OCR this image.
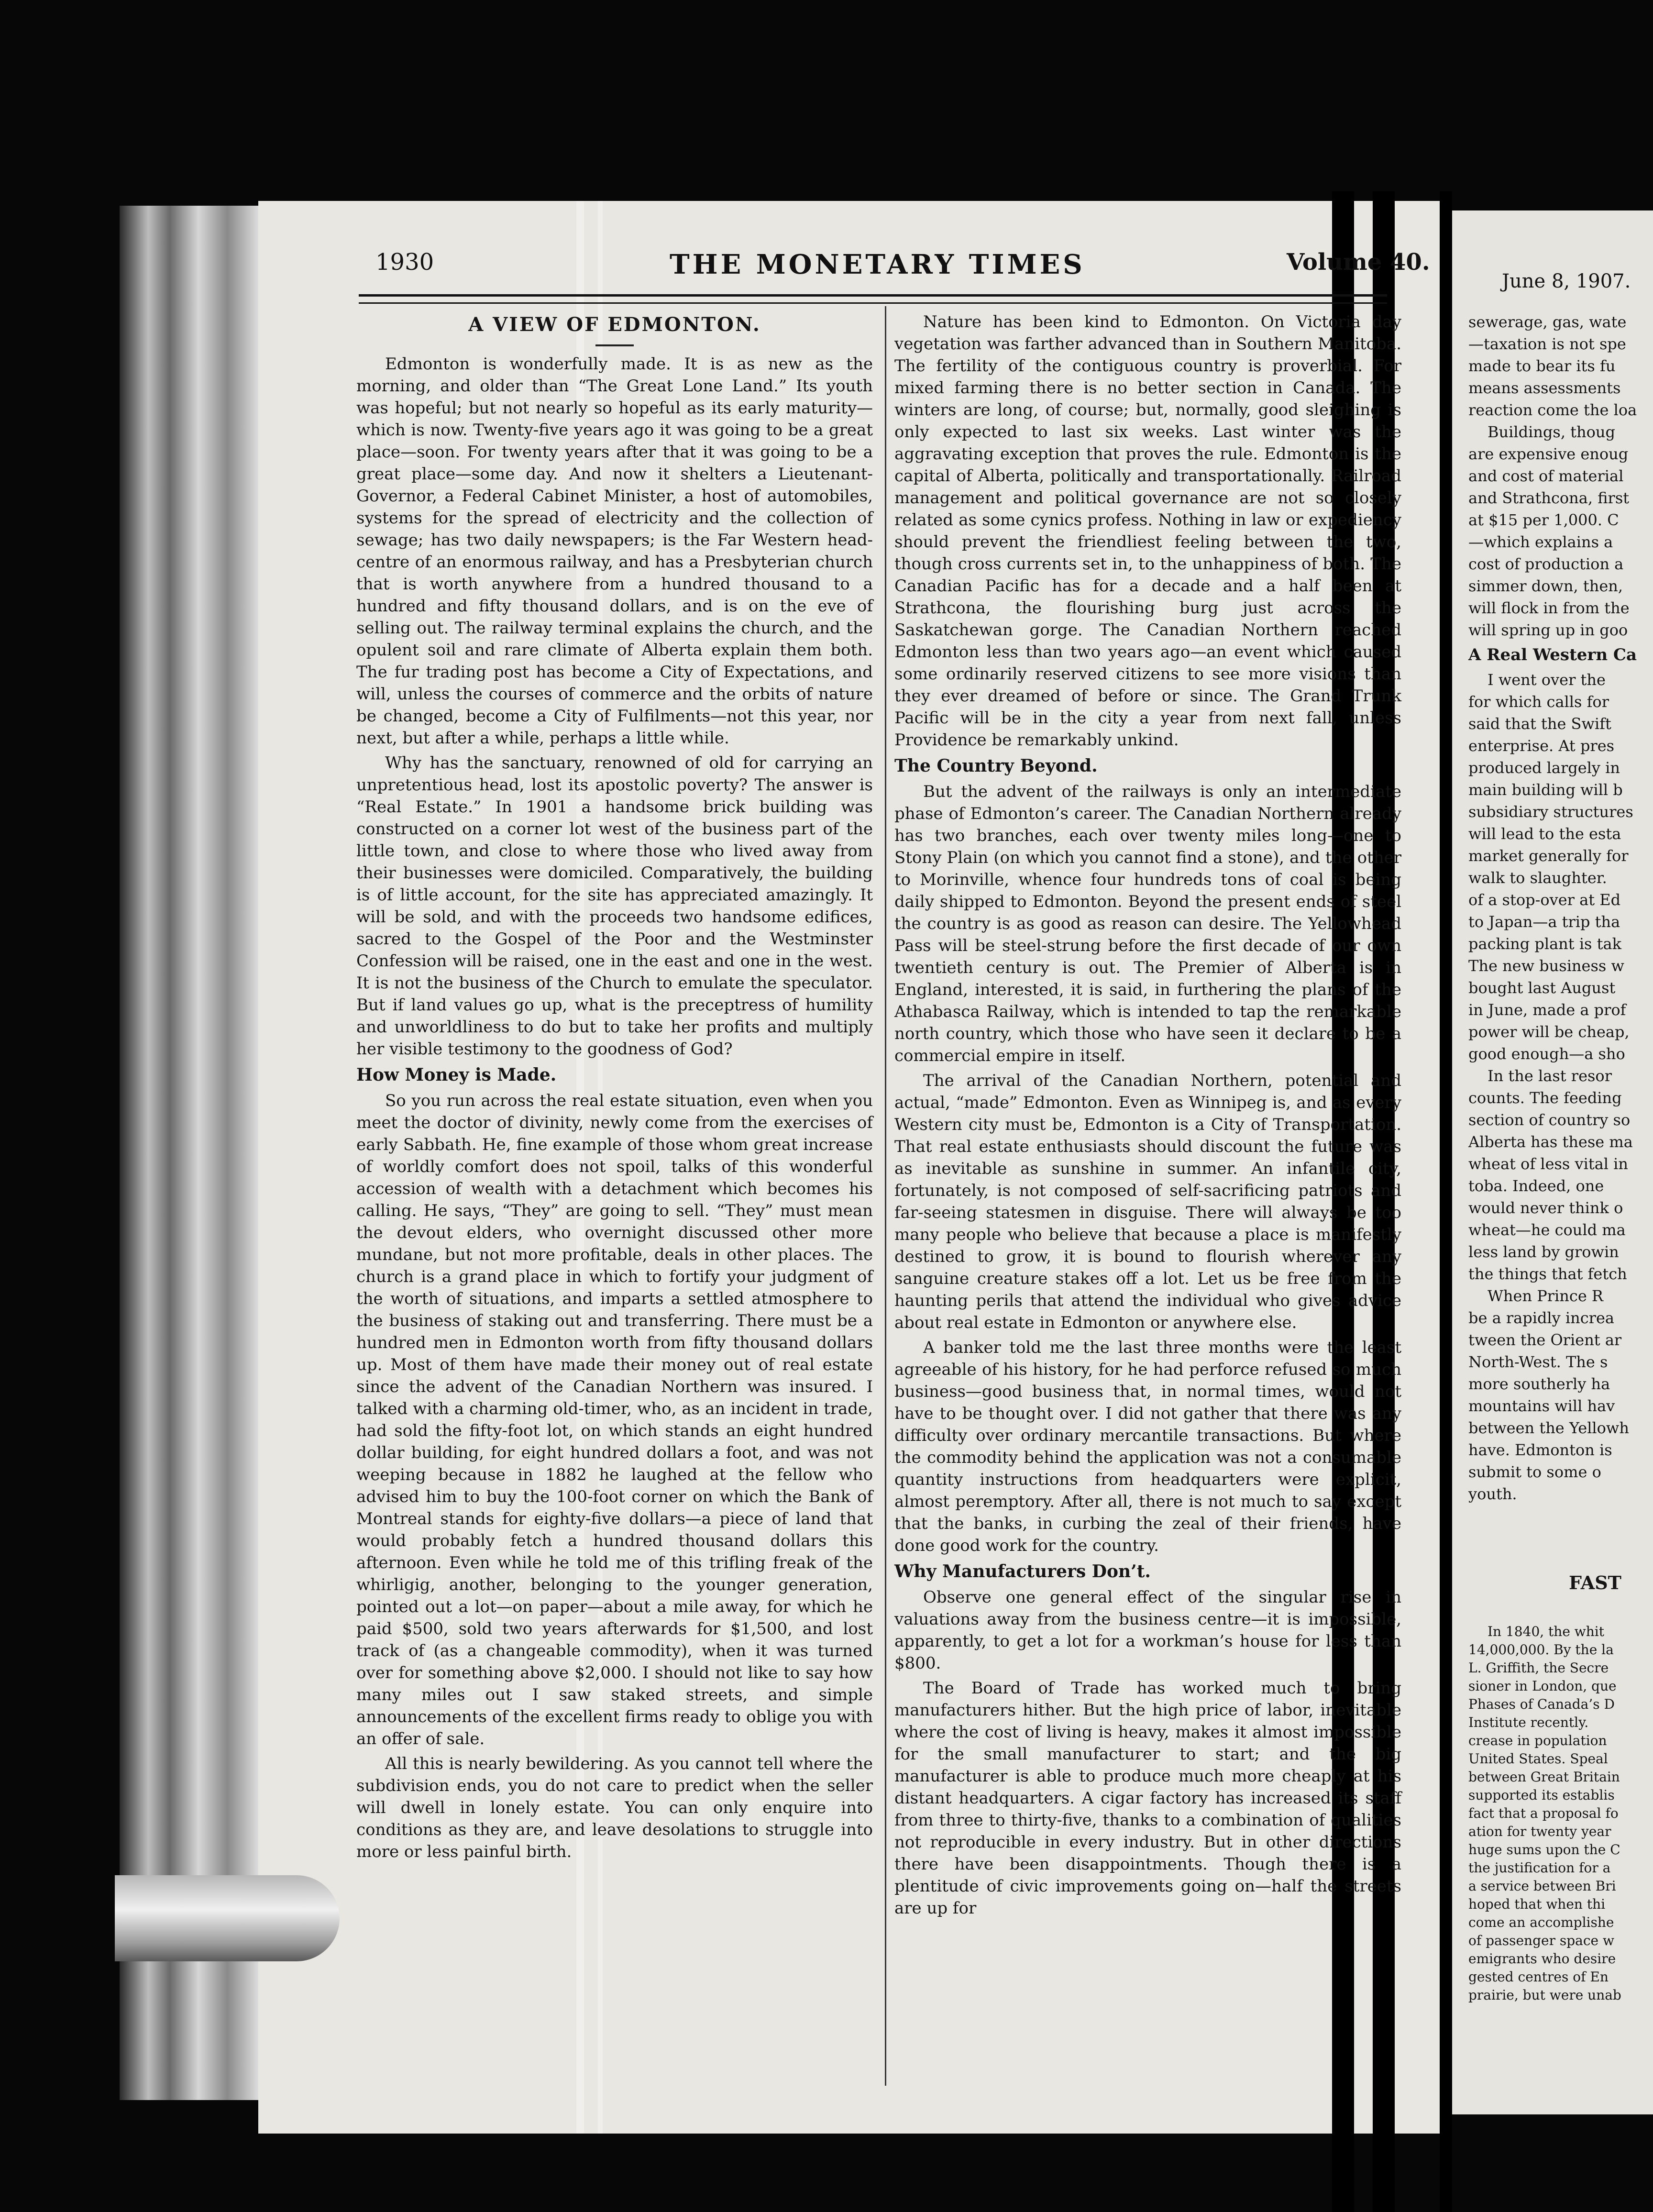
1930	THE MONETARY TIMES	Volume 40.
June 8, 1907.
A VIEW OF EDMONTON.

Edmonton is wonderfully made. It is as new as the morning, and older than “The Great Lone Land.” Its youth was hopeful; but not nearly so hopeful as its early maturity—which is now. Twenty-five years ago it was going to be a great place—soon. For twenty years after that it was going to be a great place—some day. And now it shelters a Lieutenant-Governor, a Federal Cabinet Minister, a host of automobiles, systems for the spread of electricity and the collection of sewage; has two daily newspapers; is the Far Western head-centre of an enormous railway, and has a Presbyterian church that is worth anywhere from a hundred thousand to a hundred and fifty thousand dollars, and is on the eve of selling out. The railway terminal explains the church, and the opulent soil and rare climate of Alberta explain them both. The fur trading post has become a City of Expectations, and will, unless the courses of commerce and the orbits of nature be changed, become a City of Fulfilments—not this year, nor next, but after a while, perhaps a little while.

Why has the sanctuary, renowned of old for carrying an unpretentious head, lost its apostolic poverty? The answer is “Real Estate.” In 1901 a handsome brick building was constructed on a corner lot west of the business part of the little town, and close to where those who lived away from their businesses were domiciled. Comparatively, the building is of little account, for the site has appreciated amazingly. It will be sold, and with the proceeds two handsome edifices, sacred to the Gospel of the Poor and the Westminster Confession will be raised, one in the east and one in the west. It is not the business of the Church to emulate the speculator. But if land values go up, what is the preceptress of humility and unworldliness to do but to take her profits and multiply her visible testimony to the goodness of God?

How Money is Made.

So you run across the real estate situation, even when you meet the doctor of divinity, newly come from the exercises of early Sabbath. He, fine example of those whom great increase of worldly comfort does not spoil, talks of this wonderful accession of wealth with a detachment which becomes his calling. He says, “They” are going to sell. “They” must mean the devout elders, who overnight discussed other more mundane, but not more profitable, deals in other places. The church is a grand place in which to fortify your judgment of the worth of situations, and imparts a settled atmosphere to the business of staking out and transferring. There must be a hundred men in Edmonton worth from fifty thousand dollars up. Most of them have made their money out of real estate since the advent of the Canadian Northern was insured. I talked with a charming old-timer, who, as an incident in trade, had sold the fifty-foot lot, on which stands an eight hundred dollar building, for eight hundred dollars a foot, and was not weeping because in 1882 he laughed at the fellow who advised him to buy the 100-foot corner on which the Bank of Montreal stands for eighty-five dollars—a piece of land that would probably fetch a hundred thousand dollars this afternoon. Even while he told me of this trifling freak of the whirligig, another, belonging to the younger generation, pointed out a lot—on paper—about a mile away, for which he paid $500, sold two years afterwards for $1,500, and lost track of (as a changeable commodity), when it was turned over for something above $2,000. I should not like to say how many miles out I saw staked streets, and simple announcements of the excellent firms ready to oblige you with an offer of sale.

All this is nearly bewildering. As you cannot tell where the subdivision ends, you do not care to predict when the seller will dwell in lonely estate. You can only enquire into conditions as they are, and leave desolations to struggle into more or less painful birth.

Nature has been kind to Edmonton. On Victoria day vegetation was farther advanced than in Southern Manitoba. The fertility of the contiguous country is proverbial. For mixed farming there is no better section in Canada. The winters are long, of course; but, normally, good sleighing is only expected to last six weeks. Last winter was the aggravating exception that proves the rule. Edmonton is the capital of Alberta, politically and transportationally. Railroad management and political governance are not so closely related as some cynics profess. Nothing in law or expediency should prevent the friendliest feeling between the two, though cross currents set in, to the unhappiness of both. The Canadian Pacific has for a decade and a half been at Strathcona, the flourishing burg just across the Saskatchewan gorge. The Canadian Northern reached Edmonton less than two years ago—an event which caused some ordinarily reserved citizens to see more visions than they ever dreamed of before or since. The Grand Trunk Pacific will be in the city a year from next fall, unless Providence be remarkably unkind.

The Country Beyond.

But the advent of the railways is only an intermediate phase of Edmonton’s career. The Canadian Northern already has two branches, each over twenty miles long—one to Stony Plain (on which you cannot find a stone), and the other to Morinville, whence four hundreds tons of coal is being daily shipped to Edmonton. Beyond the present ends of steel the country is as good as reason can desire. The Yellowhead Pass will be steel-strung before the first decade of our own twentieth century is out. The Premier of Alberta is in England, interested, it is said, in furthering the plans of the Athabasca Railway, which is intended to tap the remarkable north country, which those who have seen it declare to be a commercial empire in itself.

The arrival of the Canadian Northern, potential and actual, “made” Edmonton. Even as Winnipeg is, and as every Western city must be, Edmonton is a City of Transportation. That real estate enthusiasts should discount the future was as inevitable as sunshine in summer. An infantile city, fortunately, is not composed of self-sacrificing patriots and far-seeing statesmen in disguise. There will always be too many people who believe that because a place is manifestly destined to grow, it is bound to flourish wherever any sanguine creature stakes off a lot. Let us be free from the haunting perils that attend the individual who gives advice about real estate in Edmonton or anywhere else.

A banker told me the last three months were the least agreeable of his history, for he had perforce refused so much business—good business that, in normal times, would not have to be thought over. I did not gather that there was any difficulty over ordinary mercantile transactions. But where the commodity behind the application was not a consumable quantity instructions from headquarters were explicit, almost peremptory. After all, there is not much to say except that the banks, in curbing the zeal of their friends, have done good work for the country.

Why Manufacturers Don’t.

Observe one general effect of the singular rise in valuations away from the business centre—it is impossible, apparently, to get a lot for a workman’s house for less than $800.

The Board of Trade has worked much to bring manufacturers hither. But the high price of labor, inevitable where the cost of living is heavy, makes it almost impossible for the small manufacturer to start; and the big manufacturer is able to produce much more cheaply at his distant headquarters. A cigar factory has increased its staff from three to thirty-five, thanks to a combination of qualities not reproducible in every industry. But in other directions there have been disappointments. Though there is a plentitude of civic improvements going on—half the streets are up for

sewerage, gas, wate
—taxation is not spe
made to bear its fu
means assessments
reaction come the loa
Buildings, thoug
are expensive enoug
and cost of material
and Strathcona, first
at $15 per 1,000. C
—which explains a
cost of production a
simmer down, then,
will flock in from the
will spring up in goo
A Real Western Ca
I went over the
for which calls for
said that the Swift
enterprise. At pres
produced largely in
main building will b
subsidiary structures
will lead to the esta
market generally for
walk to slaughter.
of a stop-over at Ed
to Japan—a trip tha
packing plant is tak
The new business w
bought last August
in June, made a prof
power will be cheap,
good enough—a sho
In the last resor
counts. The feeding
section of country so
Alberta has these ma
wheat of less vital in
toba. Indeed, one
would never think o
wheat—he could ma
less land by growin
the things that fetch
When Prince R
be a rapidly increa
tween the Orient ar
North-West. The s
more southerly ha
mountains will hav
between the Yellowh
have. Edmonton is
submit to some o
youth.
FAST
In 1840, the whit
14,000,000. By the la
L. Griffith, the Secre
sioner in London, que
Phases of Canada’s D
Institute recently.
crease in population
United States. Speal
between Great Britain
supported its establis
fact that a proposal fo
ation for twenty year
huge sums upon the C
the justification for a
a service between Bri
hoped that when thi
come an accomplishe
of passenger space w
emigrants who desire
gested centres of En
prairie, but were unab
